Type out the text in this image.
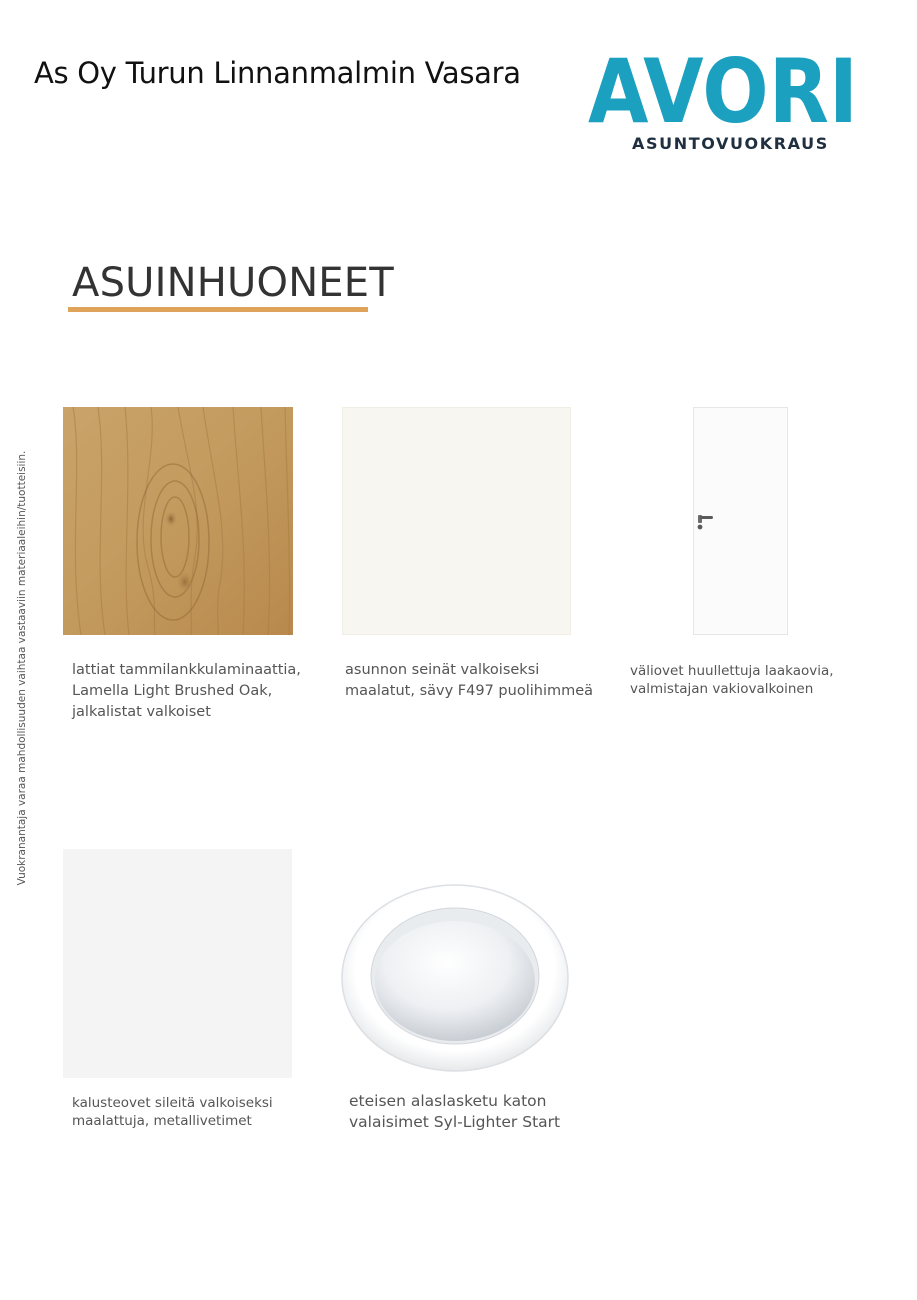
As Oy Turun Linnanmalmin Vasara AVORI
ASUNTOVUOKRAUS
ASUINHUONEET
Vuokranantaja varaa mahdollisuuden vaihtaa vastaaviin materiaaleihin/tuotteisiin.	lattiat tammilankkulaminaattia,
Lamella Light Brushed Oak,
jalkalistat valkoiset
asunnon seinät valkoiseksi
maalatut, sävy F497 puolihimmeä
väliovet huullettuja laakaovia,
valmistajan vakiovalkoinen
kalusteovet sileitä valkoiseksi
maalattuja, metallivetimet
eteisen alaslasketu katon
valaisimet Syl-Lighter Start
